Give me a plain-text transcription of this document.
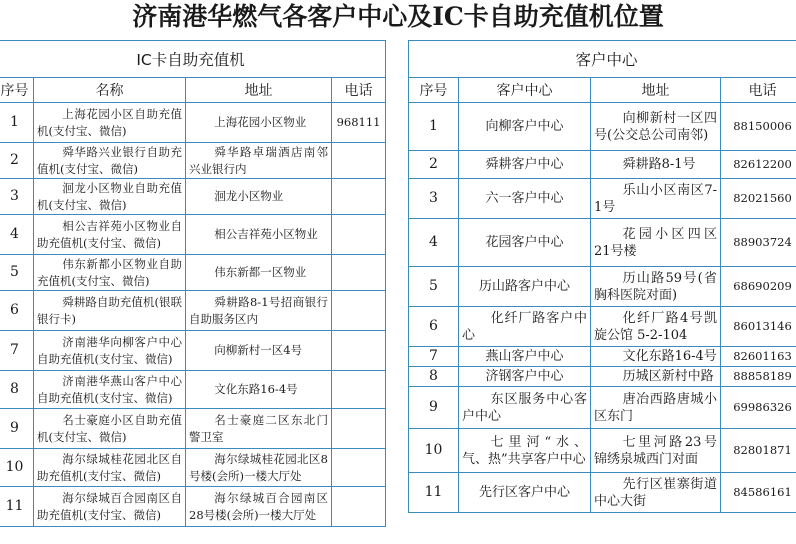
济南港华燃气各客户中心及IC卡自助充值机位置
IC卡自助充值机			
序号	名称	地址	电话
1	上海花园小区自助充值机(支付宝、微信)	上海花园小区物业	968111
2	舜华路兴业银行自助充值机(支付宝、微信)	舜华路卓瑞酒店南邻兴业银行内	
3	洄龙小区物业自助充值机(支付宝、微信)	洄龙小区物业	
4	相公吉祥苑小区物业自助充值机(支付宝、微信)	相公吉祥苑小区物业	
5	伟东新都小区物业自助充值机(支付宝、微信)	伟东新都一区物业	
6	舜耕路自助充值机(银联银行卡)	舜耕路8-1号招商银行自助服务区内	
7	济南港华向柳客户中心自助充值机(支付宝、微信)	向柳新村一区4号	
8	济南港华燕山客户中心自助充值机(支付宝、微信)	文化东路16-4号	
9	名士豪庭小区自助充值机(支付宝、微信)	名士豪庭二区东北门警卫室	
10	海尔绿城桂花园北区自助充值机(支付宝、微信)	海尔绿城桂花园北区8号楼(会所)一楼大厅处	
11	海尔绿城百合园南区自助充值机(支付宝、微信)	海尔绿城百合园南区28号楼(会所)一楼大厅处	
客户中心			
序号	客户中心	地址	电话
1	向柳客户中心	向柳新村一区四号(公交总公司南邻)	88150006
2	舜耕客户中心	舜耕路8-1号	82612200
3	六一客户中心	乐山小区南区7-1号	82021560
4	花园客户中心	花园小区四区21号楼	88903724
5	历山路客户中心	历山路59号(省胸科医院对面)	68690209
6	化纤厂路客户中心	化纤厂路4号凯旋公馆 5-2-104	86013146
7	燕山客户中心	文化东路16-4号	82601163
8	济钢客户中心	历城区新村中路	88858189
9	东区服务中心客户中心	唐冶西路唐城小区东门	69986326
10	七里河“水、气、热”共享客户中心	七里河路23号锦绣泉城西门对面	82801871
11	先行区客户中心	先行区崔寨街道中心大街	84586161
